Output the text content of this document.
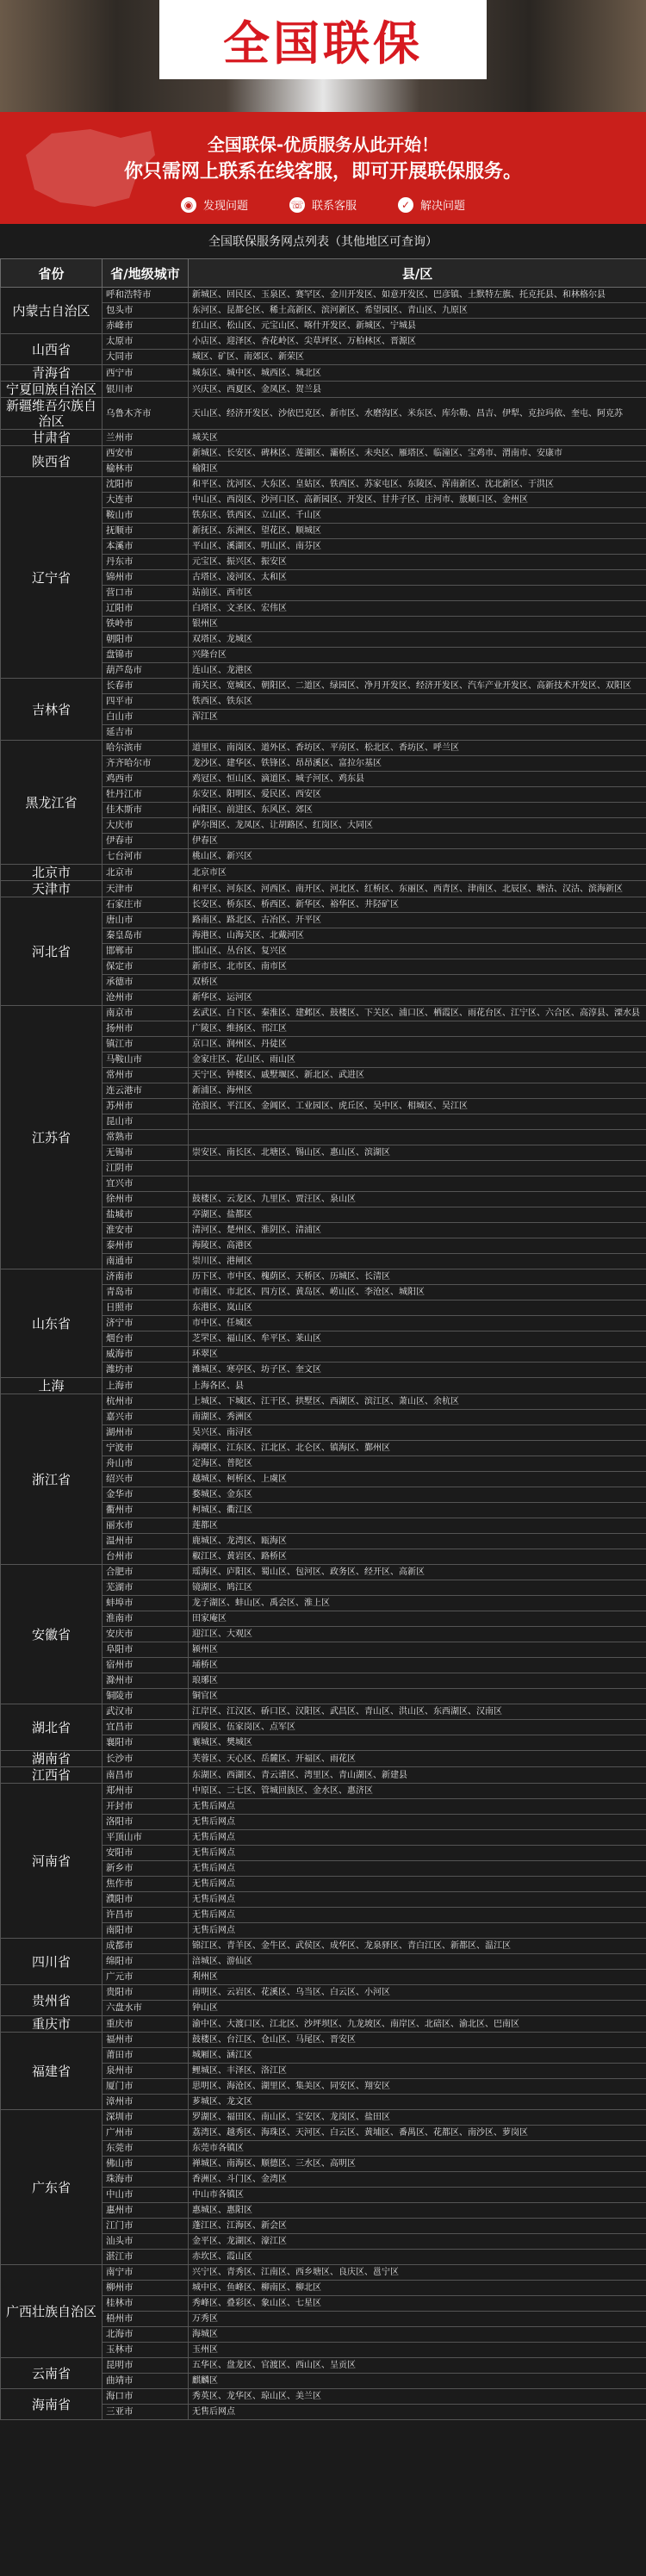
全国联保
全国联保-优质服务从此开始！
你只需网上联系在线客服，即可开展联保服务。
◉ 发现问题	☏ 联系客服	✓ 解决问题
全国联保服务网点列表（其他地区可查询）
省份	省/地级城市	县/区
内蒙古自治区	呼和浩特市	新城区、回民区、玉泉区、赛罕区、金川开发区、如意开发区、巴彦镇、土默特左旗、托克托县、和林格尔县
	包头市	东河区、昆都仑区、稀土高新区、滨河新区、希望园区、青山区、九原区
	赤峰市	红山区、松山区、元宝山区、喀什开发区、新城区、宁城县
山西省	太原市	小店区、迎泽区、杏花岭区、尖草坪区、万柏林区、晋源区
	大同市	城区、矿区、南郊区、新荣区
青海省	西宁市	城东区、城中区、城西区、城北区
宁夏回族自治区	银川市	兴庆区、西夏区、金凤区、贺兰县
新疆维吾尔族自治区	乌鲁木齐市	天山区、经济开发区、沙依巴克区、新市区、水磨沟区、米东区、库尔勒、昌吉、伊犁、克拉玛依、奎屯、阿克苏
甘肃省	兰州市	城关区
陕西省	西安市	新城区、长安区、碑林区、莲湖区、灞桥区、未央区、雁塔区、临潼区、宝鸡市、渭南市、安康市
	榆林市	榆阳区
辽宁省	沈阳市	和平区、沈河区、大东区、皇姑区、铁西区、苏家屯区、东陵区、浑南新区、沈北新区、于洪区
	大连市	中山区、西岗区、沙河口区、高新园区、开发区、甘井子区、庄河市、旅顺口区、金州区
	鞍山市	铁东区、铁西区、立山区、千山区
	抚顺市	新抚区、东洲区、望花区、顺城区
	本溪市	平山区、溪湖区、明山区、南芬区
	丹东市	元宝区、振兴区、振安区
	锦州市	古塔区、凌河区、太和区
	营口市	站前区、西市区
	辽阳市	白塔区、文圣区、宏伟区
	铁岭市	银州区
	朝阳市	双塔区、龙城区
	盘锦市	兴隆台区
	葫芦岛市	连山区、龙港区
吉林省	长春市	南关区、宽城区、朝阳区、二道区、绿园区、净月开发区、经济开发区、汽车产业开发区、高新技术开发区、双阳区
	四平市	铁西区、铁东区
	白山市	浑江区
	延吉市	
黑龙江省	哈尔滨市	道里区、南岗区、道外区、香坊区、平房区、松北区、香坊区、呼兰区
	齐齐哈尔市	龙沙区、建华区、铁锋区、昂昂溪区、富拉尔基区
	鸡西市	鸡冠区、恒山区、滴道区、城子河区、鸡东县
	牡丹江市	东安区、阳明区、爱民区、西安区
	佳木斯市	向阳区、前进区、东风区、郊区
	大庆市	萨尔图区、龙凤区、让胡路区、红岗区、大同区
	伊春市	伊春区
	七台河市	桃山区、新兴区
北京市	北京市	北京市区
天津市	天津市	和平区、河东区、河西区、南开区、河北区、红桥区、东丽区、西青区、津南区、北辰区、塘沽、汉沽、滨海新区
河北省	石家庄市	长安区、桥东区、桥西区、新华区、裕华区、井陉矿区
	唐山市	路南区、路北区、古冶区、开平区
	秦皇岛市	海港区、山海关区、北戴河区
	邯郸市	邯山区、丛台区、复兴区
	保定市	新市区、北市区、南市区
	承德市	双桥区
	沧州市	新华区、运河区
江苏省	南京市	玄武区、白下区、秦淮区、建邺区、鼓楼区、下关区、浦口区、栖霞区、雨花台区、江宁区、六合区、高淳县、溧水县
	扬州市	广陵区、维扬区、邗江区
	镇江市	京口区、润州区、丹徒区
	马鞍山市	金家庄区、花山区、雨山区
	常州市	天宁区、钟楼区、戚墅堰区、新北区、武进区
	连云港市	新浦区、海州区
	苏州市	沧浪区、平江区、金阊区、工业园区、虎丘区、吴中区、相城区、吴江区
	昆山市	
	常熟市	
	无锡市	崇安区、南长区、北塘区、锡山区、惠山区、滨湖区
	江阴市	
	宜兴市	
	徐州市	鼓楼区、云龙区、九里区、贾汪区、泉山区
	盐城市	亭湖区、盐都区
	淮安市	清河区、楚州区、淮阴区、清浦区
	泰州市	海陵区、高港区
	南通市	崇川区、港闸区
山东省	济南市	历下区、市中区、槐荫区、天桥区、历城区、长清区
	青岛市	市南区、市北区、四方区、黄岛区、崂山区、李沧区、城阳区
	日照市	东港区、岚山区
	济宁市	市中区、任城区
	烟台市	芝罘区、福山区、牟平区、莱山区
	威海市	环翠区
	潍坊市	潍城区、寒亭区、坊子区、奎文区
上海	上海市	上海各区、县
浙江省	杭州市	上城区、下城区、江干区、拱墅区、西湖区、滨江区、萧山区、余杭区
	嘉兴市	南湖区、秀洲区
	湖州市	吴兴区、南浔区
	宁波市	海曙区、江东区、江北区、北仑区、镇海区、鄞州区
	舟山市	定海区、普陀区
	绍兴市	越城区、柯桥区、上虞区
	金华市	婺城区、金东区
	衢州市	柯城区、衢江区
	丽水市	莲都区
	温州市	鹿城区、龙湾区、瓯海区
	台州市	椒江区、黄岩区、路桥区
安徽省	合肥市	瑶海区、庐阳区、蜀山区、包河区、政务区、经开区、高新区
	芜湖市	镜湖区、鸠江区
	蚌埠市	龙子湖区、蚌山区、禹会区、淮上区
	淮南市	田家庵区
	安庆市	迎江区、大观区
	阜阳市	颍州区
	宿州市	埇桥区
	滁州市	琅琊区
	铜陵市	铜官区
湖北省	武汉市	江岸区、江汉区、硚口区、汉阳区、武昌区、青山区、洪山区、东西湖区、汉南区
	宜昌市	西陵区、伍家岗区、点军区
	襄阳市	襄城区、樊城区
湖南省	长沙市	芙蓉区、天心区、岳麓区、开福区、雨花区
江西省	南昌市	东湖区、西湖区、青云谱区、湾里区、青山湖区、新建县
河南省	郑州市	中原区、二七区、管城回族区、金水区、惠济区
	开封市	无售后网点
	洛阳市	无售后网点
	平顶山市	无售后网点
	安阳市	无售后网点
	新乡市	无售后网点
	焦作市	无售后网点
	濮阳市	无售后网点
	许昌市	无售后网点
	南阳市	无售后网点
四川省	成都市	锦江区、青羊区、金牛区、武侯区、成华区、龙泉驿区、青白江区、新都区、温江区
	绵阳市	涪城区、游仙区
	广元市	利州区
贵州省	贵阳市	南明区、云岩区、花溪区、乌当区、白云区、小河区
	六盘水市	钟山区
重庆市	重庆市	渝中区、大渡口区、江北区、沙坪坝区、九龙坡区、南岸区、北碚区、渝北区、巴南区
福建省	福州市	鼓楼区、台江区、仓山区、马尾区、晋安区
	莆田市	城厢区、涵江区
	泉州市	鲤城区、丰泽区、洛江区
	厦门市	思明区、海沧区、湖里区、集美区、同安区、翔安区
	漳州市	芗城区、龙文区
广东省	深圳市	罗湖区、福田区、南山区、宝安区、龙岗区、盐田区
	广州市	荔湾区、越秀区、海珠区、天河区、白云区、黄埔区、番禺区、花都区、南沙区、萝岗区
	东莞市	东莞市各镇区
	佛山市	禅城区、南海区、顺德区、三水区、高明区
	珠海市	香洲区、斗门区、金湾区
	中山市	中山市各镇区
	惠州市	惠城区、惠阳区
	江门市	蓬江区、江海区、新会区
	汕头市	金平区、龙湖区、濠江区
	湛江市	赤坎区、霞山区
广西壮族自治区	南宁市	兴宁区、青秀区、江南区、西乡塘区、良庆区、邕宁区
	柳州市	城中区、鱼峰区、柳南区、柳北区
	桂林市	秀峰区、叠彩区、象山区、七星区
	梧州市	万秀区
	北海市	海城区
	玉林市	玉州区
云南省	昆明市	五华区、盘龙区、官渡区、西山区、呈贡区
	曲靖市	麒麟区
海南省	海口市	秀英区、龙华区、琼山区、美兰区
	三亚市	无售后网点
